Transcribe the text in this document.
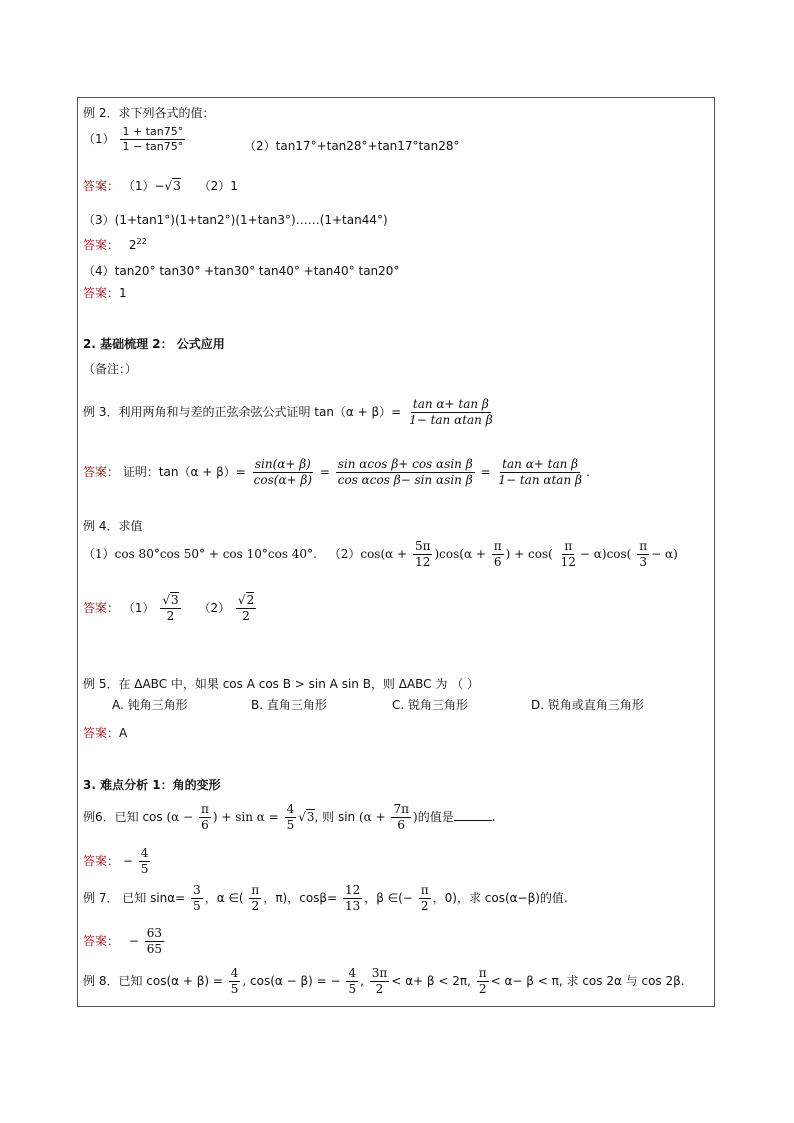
例 2．求下列各式的值：
$(1) \frac{1 + \tan 75^\circ}{1 - \tan 75^\circ}$	（2）tan17°+tan28°+tan17°tan28°
答案： （1）−√3 （2）1
（3）(1+tan1°)(1+tan2°)(1+tan3°)……(1+tan44°)
答案： $2^{22}$
（4）tan20° tan30° +tan30° tan40° +tan40° tan20°
答案：1
2. 基础梳理 2： 公式应用
（备注：）
例 3．利用两角和与差的正弦余弦公式证明 $\tan(\alpha + \beta)= \frac{\text{tan α+ tan β}}{\text{1− tan αtan β}}$
答案： 证明：$\tan(\alpha + \beta)= \frac{\sin(\alpha+ \beta)}{\cos(\alpha+ \beta)} = \frac{\text{sin αcos β+ cos αsin β}}{\text{cos αcos β− sin αsin β}} = \frac{\text{tan α+ tan β}}{\text{1− tan αtan β}}$ .
例 4．求值
（1）cos 80°cos 50° + cos 10°cos 40°. $(2)\cos(\alpha + \frac{5\pi}{12} )\cos(\alpha + \frac{\pi}{6}$ ) + $\cos( \frac{\pi}{12} - \alpha)\cos( \frac{\pi}{3} - \alpha)$
答案： $(1) \frac{√3}{2} (2) \frac{√2}{2}$
例 5．在 ΔABC 中，如果 cos A cos B > sin A sin B，则 ΔABC 为 （ ）
A. 钝角三角形	B. 直角三角形	C. 锐角三角形	D. 锐角或直角三角形
答案：A
3. 难点分析 1：角的变形
例6．已知 $\cos (\alpha - \frac{\pi}{6}$ ) + $\sin \alpha = \frac{4}{5} √3$, 则 $\sin (\alpha + \frac{7\pi}{6}$ )的值是	.
答案： − $\frac{4}{5}$
例 7． 已知 $\sin\alpha= \frac{3}{5}$ ，α ∈( $\frac{\pi}{2}$ ，π)，$\cos\beta= \frac{12}{13}$ ，β ∈(− $\frac{\pi}{2}$ ，0)，求 cos(α−β)的值.
答案： − $\frac{63}{65}$
例 8．已知 $\cos(\alpha + \beta) = \frac{4}{5}$ , cos(α − β) = − $\frac{4}{5}$ , $\frac{3\pi}{2} < \alpha+ \beta < 2\pi$, $\frac{\pi}{2} < \alpha- \beta < \pi$, 求 cos 2α 与 cos 2β.
